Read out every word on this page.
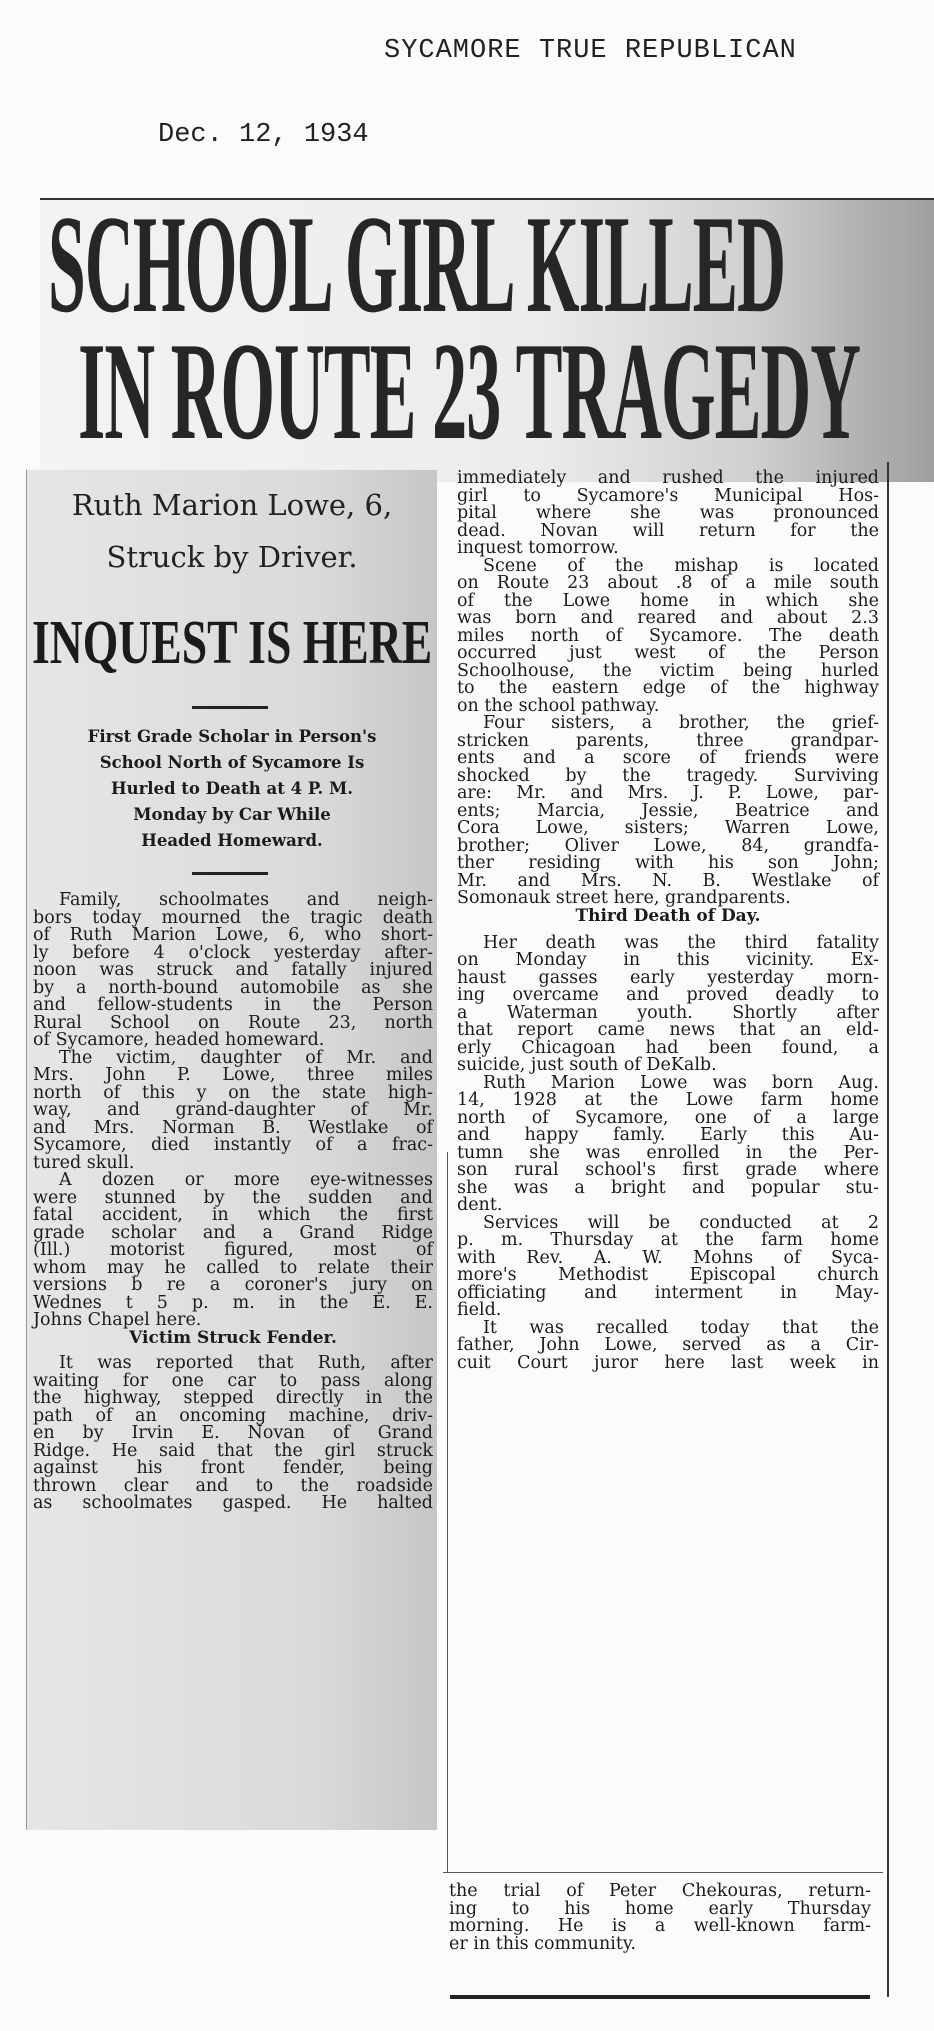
SYCAMORE TRUE REPUBLICAN
Dec. 12, 1934
SCHOOL GIRL KILLED
IN ROUTE 23 TRAGEDY
Ruth Marion Lowe, 6,
Struck by Driver.
INQUEST IS HERE
First Grade Scholar in Person's
School North of Sycamore Is
Hurled to Death at 4 P. M.
Monday by Car While
Headed Homeward.
Family, schoolmates and neigh-
bors today mourned the tragic death
of Ruth Marion Lowe, 6, who short-
ly before 4 o'clock yesterday after-
noon was struck and fatally injured
by a north-bound automobile as she
and fellow-students in the Person
Rural School on Route 23, north
of Sycamore, headed homeward.
The victim, daughter of Mr. and
Mrs. John P. Lowe, three miles
north of this y on the state high-
way, and grand-daughter of Mr.
and Mrs. Norman B. Westlake of
Sycamore, died instantly of a frac-
tured skull.
A dozen or more eye-witnesses
were stunned by the sudden and
fatal accident, in which the first
grade scholar and a Grand Ridge
(Ill.) motorist figured, most of
whom may he called to relate their
versions b re a coroner's jury on
Wednes t 5 p. m. in the E. E.
Johns Chapel here.
Victim Struck Fender.
It was reported that Ruth, after
waiting for one car to pass along
the highway, stepped directly in the
path of an oncoming machine, driv-
en by Irvin E. Novan of Grand
Ridge. He said that the girl struck
against his front fender, being
thrown clear and to the roadside
as schoolmates gasped. He halted
immediately and rushed the injured
girl to Sycamore's Municipal Hos-
pital where she was pronounced
dead. Novan will return for the
inquest tomorrow.
Scene of the mishap is located
on Route 23 about .8 of a mile south
of the Lowe home in which she
was born and reared and about 2.3
miles north of Sycamore. The death
occurred just west of the Person
Schoolhouse, the victim being hurled
to the eastern edge of the highway
on the school pathway.
Four sisters, a brother, the grief-
stricken parents, three grandpar-
ents and a score of friends were
shocked by the tragedy. Surviving
are: Mr. and Mrs. J. P. Lowe, par-
ents; Marcia, Jessie, Beatrice and
Cora Lowe, sisters; Warren Lowe,
brother; Oliver Lowe, 84, grandfa-
ther residing with his son John;
Mr. and Mrs. N. B. Westlake of
Somonauk street here, grandparents.
Third Death of Day.
Her death was the third fatality
on Monday in this vicinity. Ex-
haust gasses early yesterday morn-
ing overcame and proved deadly to
a Waterman youth. Shortly after
that report came news that an eld-
erly Chicagoan had been found, a
suicide, just south of DeKalb.
Ruth Marion Lowe was born Aug.
14, 1928 at the Lowe farm home
north of Sycamore, one of a large
and happy famly. Early this Au-
tumn she was enrolled in the Per-
son rural school's first grade where
she was a bright and popular stu-
dent.
Services will be conducted at 2
p. m. Thursday at the farm home
with Rev. A. W. Mohns of Syca-
more's Methodist Episcopal church
officiating and interment in May-
field.
It was recalled today that the
father, John Lowe, served as a Cir-
cuit Court juror here last week in
the trial of Peter Chekouras, return-
ing to his home early Thursday
morning. He is a well-known farm-
er in this community.
